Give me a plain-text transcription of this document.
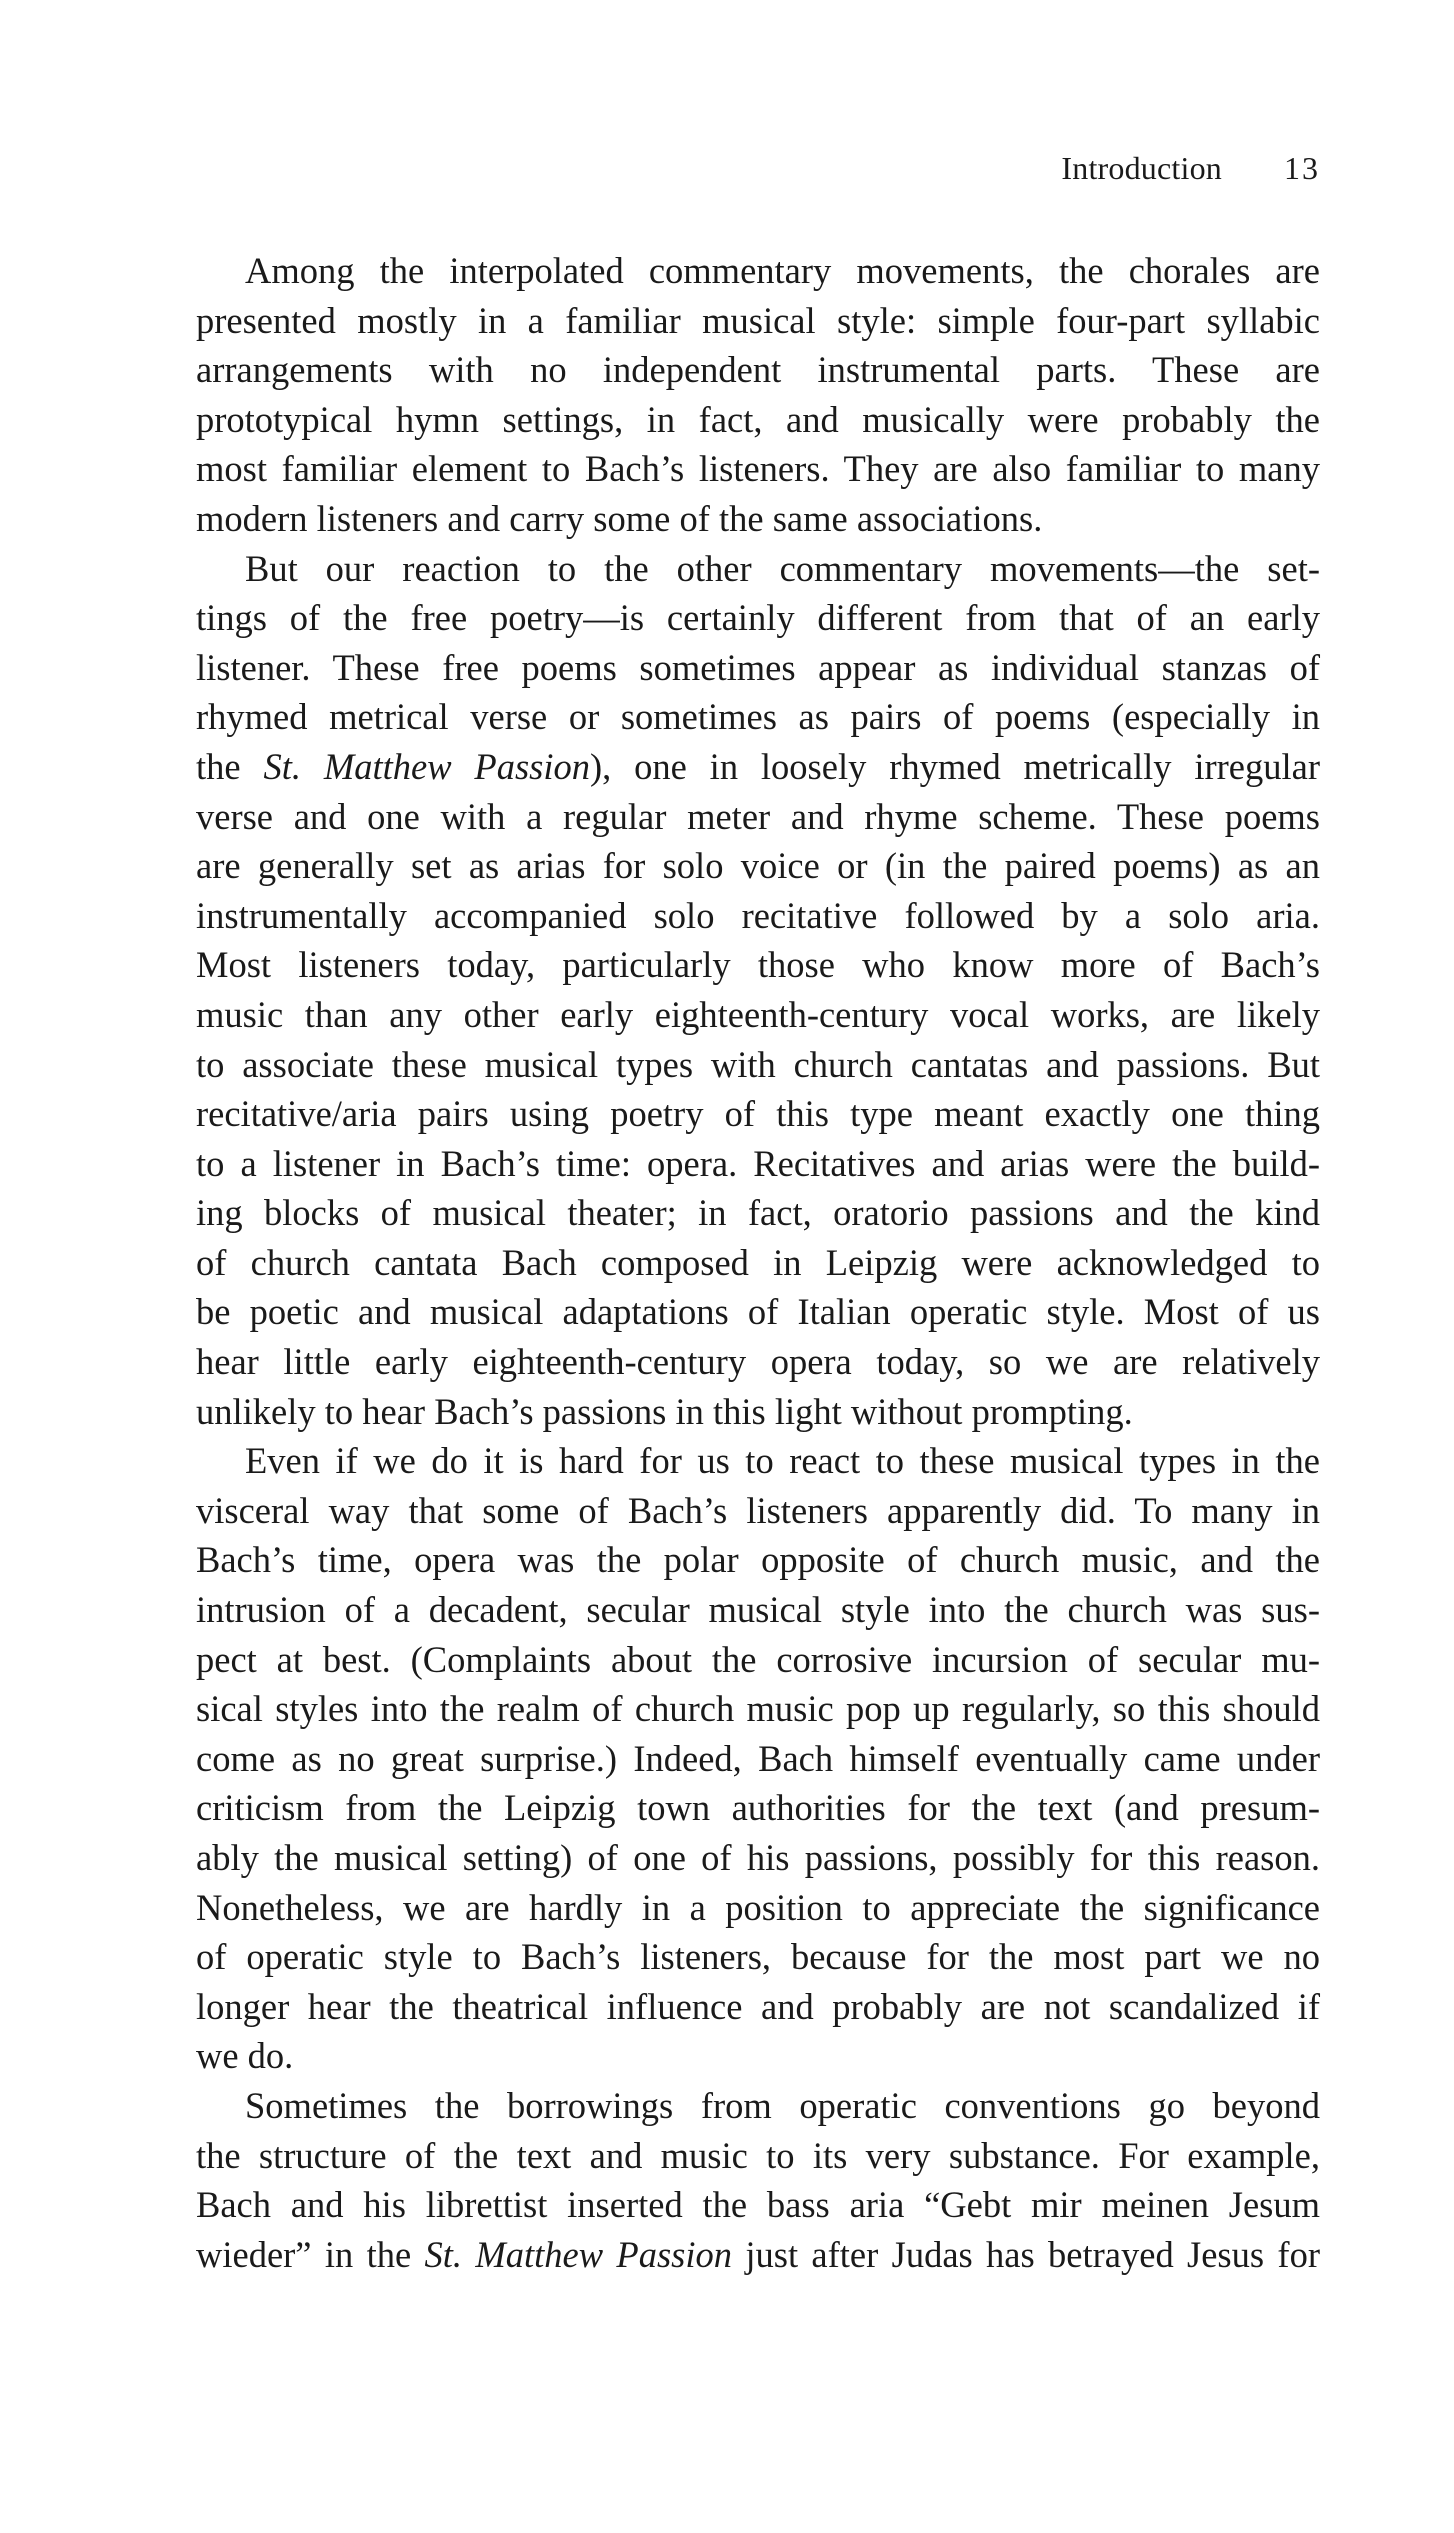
Introduction 13

Among the interpolated commentary movements, the chorales are
presented mostly in a familiar musical style: simple four-part syllabic
arrangements with no independent instrumental parts. These are
prototypical hymn settings, in fact, and musically were probably the
most familiar element to Bach’s listeners. They are also familiar to many
modern listeners and carry some of the same associations.

But our reaction to the other commentary movements—the set-
tings of the free poetry—is certainly different from that of an early
listener. These free poems sometimes appear as individual stanzas of
rhymed metrical verse or sometimes as pairs of poems (especially in
the St. Matthew Passion), one in loosely rhymed metrically irregular
verse and one with a regular meter and rhyme scheme. These poems
are generally set as arias for solo voice or (in the paired poems) as an
instrumentally accompanied solo recitative followed by a solo aria.
Most listeners today, particularly those who know more of Bach’s
music than any other early eighteenth-century vocal works, are likely
to associate these musical types with church cantatas and passions. But
recitative/aria pairs using poetry of this type meant exactly one thing
to a listener in Bach’s time: opera. Recitatives and arias were the build-
ing blocks of musical theater; in fact, oratorio passions and the kind
of church cantata Bach composed in Leipzig were acknowledged to
be poetic and musical adaptations of Italian operatic style. Most of us
hear little early eighteenth-century opera today, so we are relatively
unlikely to hear Bach’s passions in this light without prompting.

Even if we do it is hard for us to react to these musical types in the
visceral way that some of Bach’s listeners apparently did. To many in
Bach’s time, opera was the polar opposite of church music, and the
intrusion of a decadent, secular musical style into the church was sus-
pect at best. (Complaints about the corrosive incursion of secular mu-
sical styles into the realm of church music pop up regularly, so this should
come as no great surprise.) Indeed, Bach himself eventually came under
criticism from the Leipzig town authorities for the text (and presum-
ably the musical setting) of one of his passions, possibly for this reason.
Nonetheless, we are hardly in a position to appreciate the significance
of operatic style to Bach’s listeners, because for the most part we no
longer hear the theatrical influence and probably are not scandalized if
we do.

Sometimes the borrowings from operatic conventions go beyond
the structure of the text and music to its very substance. For example,
Bach and his librettist inserted the bass aria “Gebt mir meinen Jesum
wieder” in the St. Matthew Passion just after Judas has betrayed Jesus for
